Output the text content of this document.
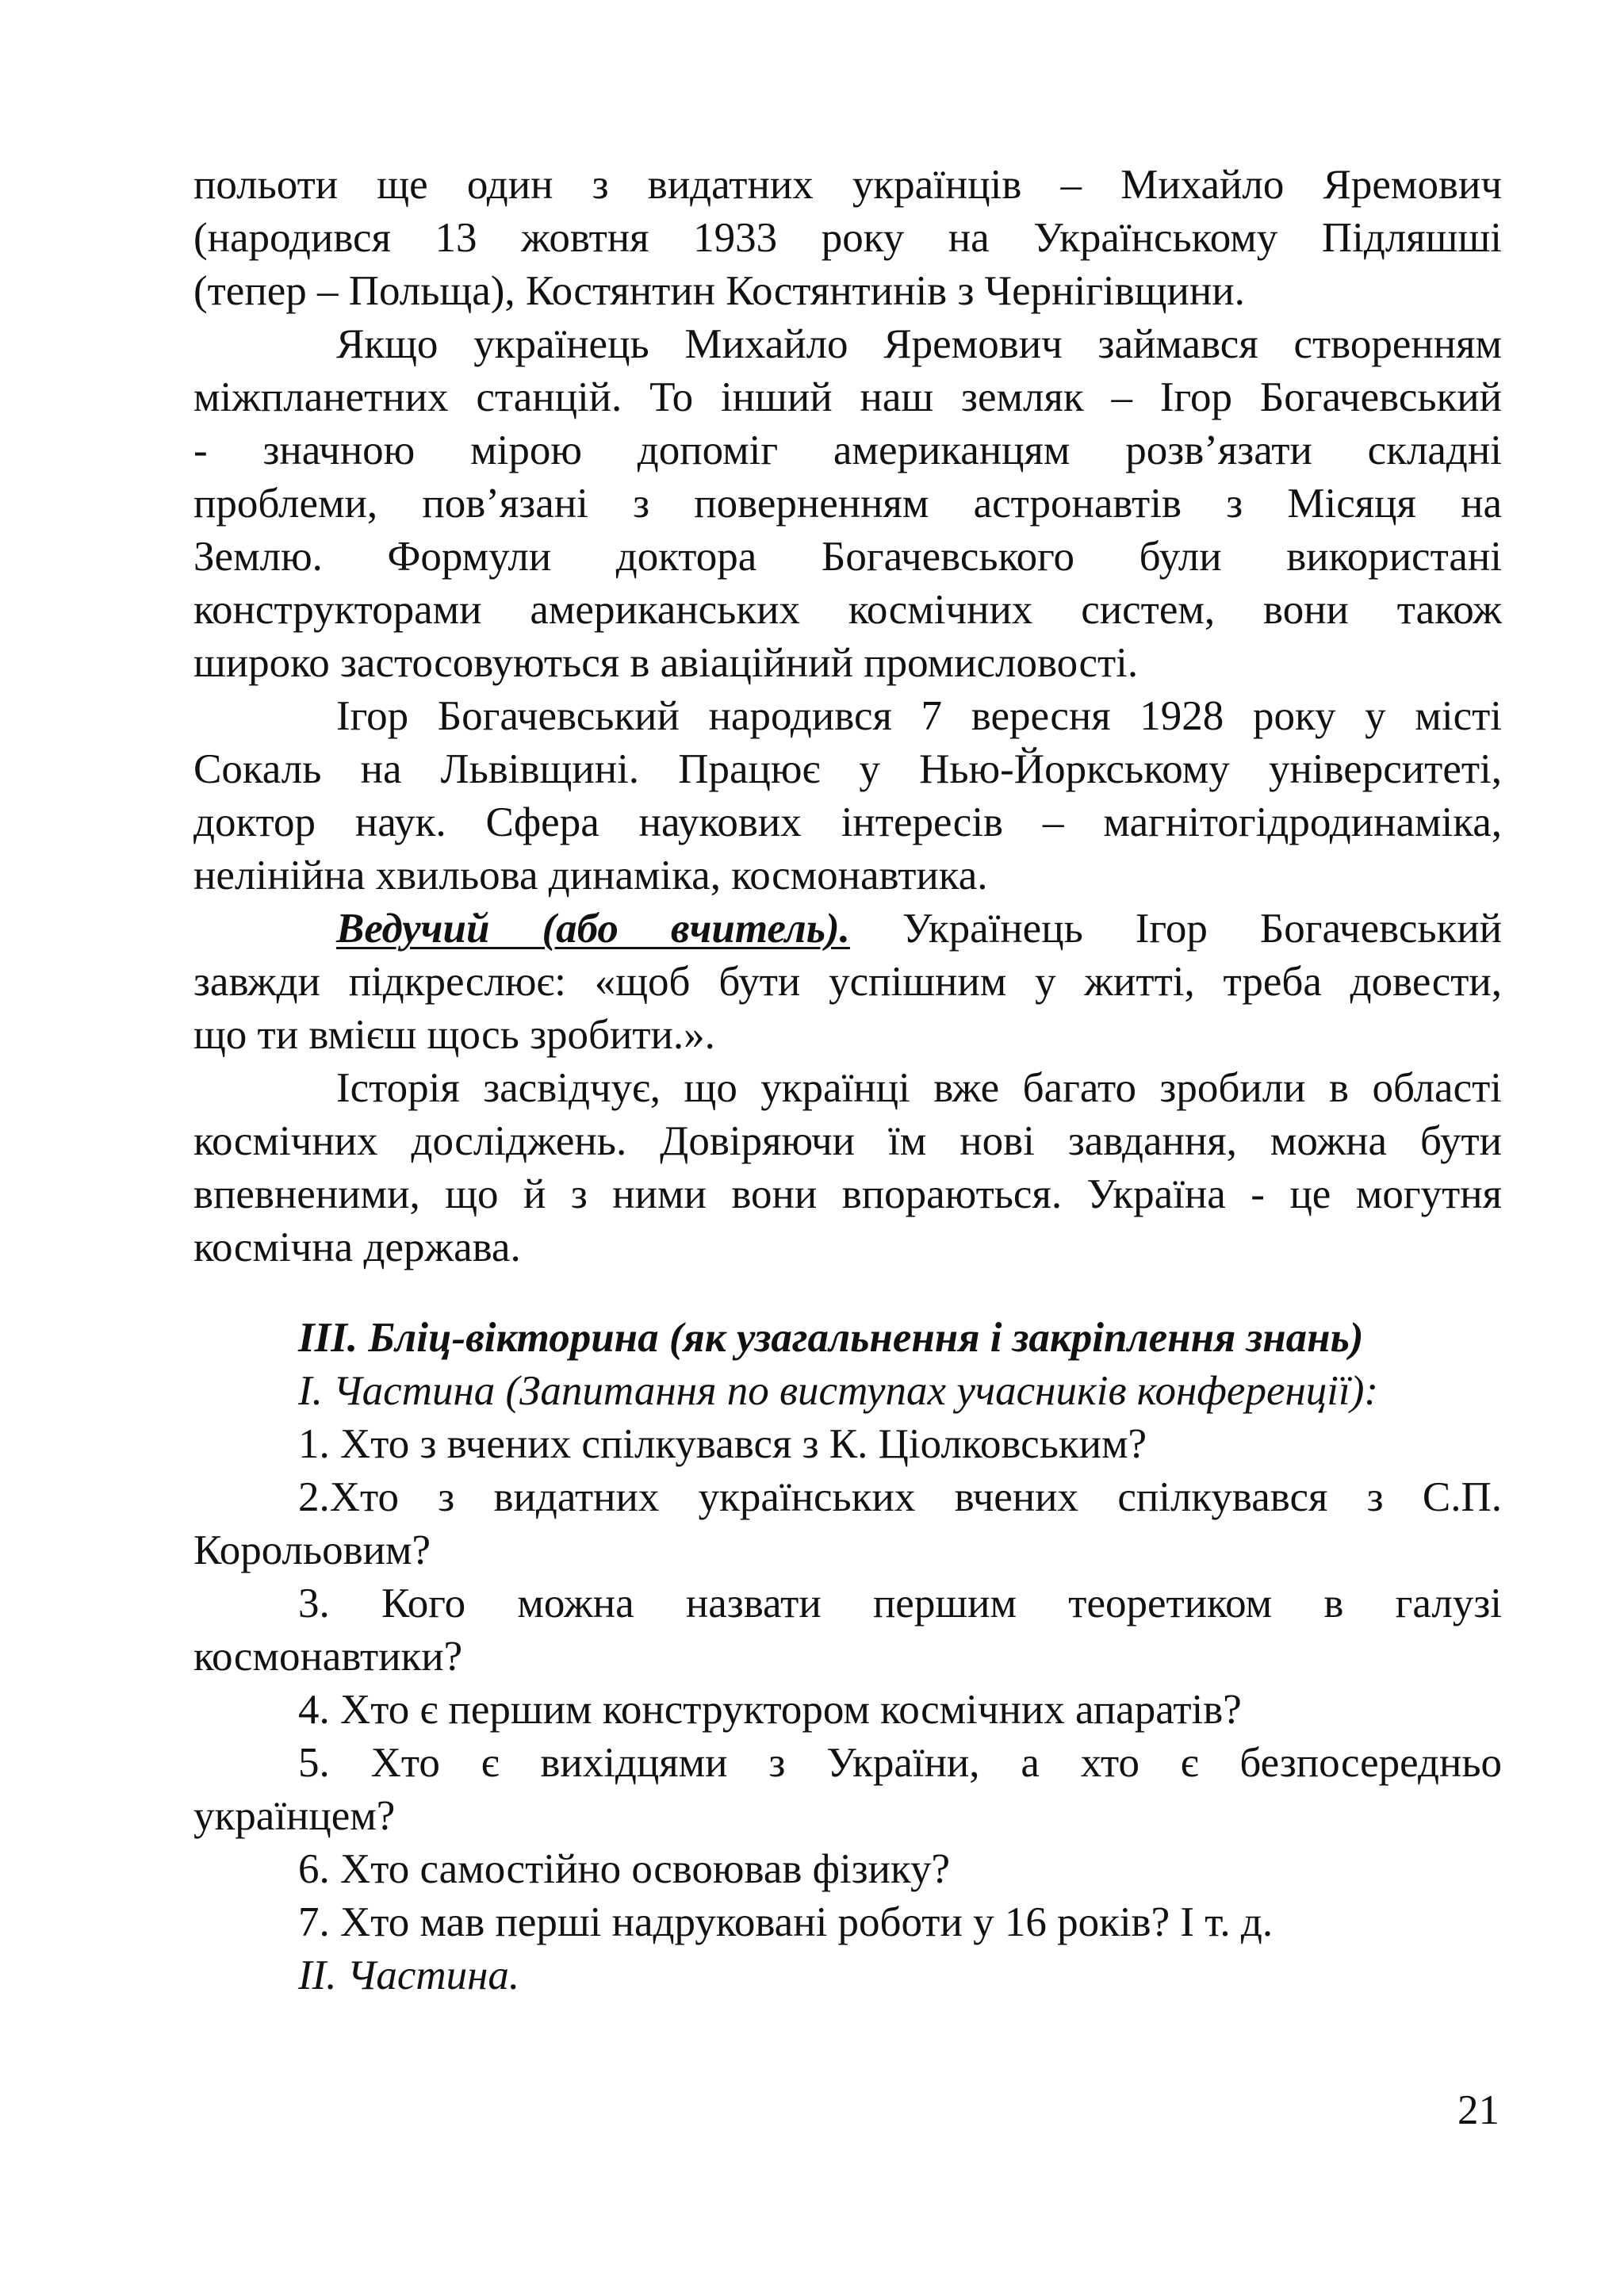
польоти ще один з видатних українців – Михайло Яремович
(народився 13 жовтня 1933 року на Українському Підляшші
(тепер – Польща), Костянтин Костянтинів з Чернігівщини.
Якщо українець Михайло Яремович займався створенням
міжпланетних станцій. То інший наш земляк – Ігор Богачевський
- значною мірою допоміг американцям розв’язати складні
проблеми, пов’язані з поверненням астронавтів з Місяця на
Землю. Формули доктора Богачевського були використані
конструкторами американських космічних систем, вони також
широко застосовуються в авіаційний промисловості.
Ігор Богачевський народився 7 вересня 1928 року у місті
Сокаль на Львівщині. Працює у Нью-Йоркському університеті,
доктор наук. Сфера наукових інтересів – магнітогідродинаміка,
нелінійна хвильова динаміка, космонавтика.
Ведучий (або вчитель). Українець Ігор Богачевський
завжди підкреслює: «щоб бути успішним у житті, треба довести,
що ти вмієш щось зробити.».
Історія засвідчує, що українці вже багато зробили в області
космічних досліджень. Довіряючи їм нові завдання, можна бути
впевненими, що й з ними вони впораються. Україна - це могутня
космічна держава.
ІІІ. Бліц-вікторина (як узагальнення і закріплення знань)
І. Частина (Запитання по виступах учасників конференції):
1. Хто з вчених спілкувався з К. Ціолковським?
2.Хто з видатних українських вчених спілкувався з С.П.
Корольовим?
3. Кого можна назвати першим теоретиком в галузі
космонавтики?
4. Хто є першим конструктором космічних апаратів?
5. Хто є вихідцями з України, а хто є безпосередньо
українцем?
6. Хто самостійно освоював фізику?
7. Хто мав перші надруковані роботи у 16 років? І т. д.
ІІ. Частина.
21
